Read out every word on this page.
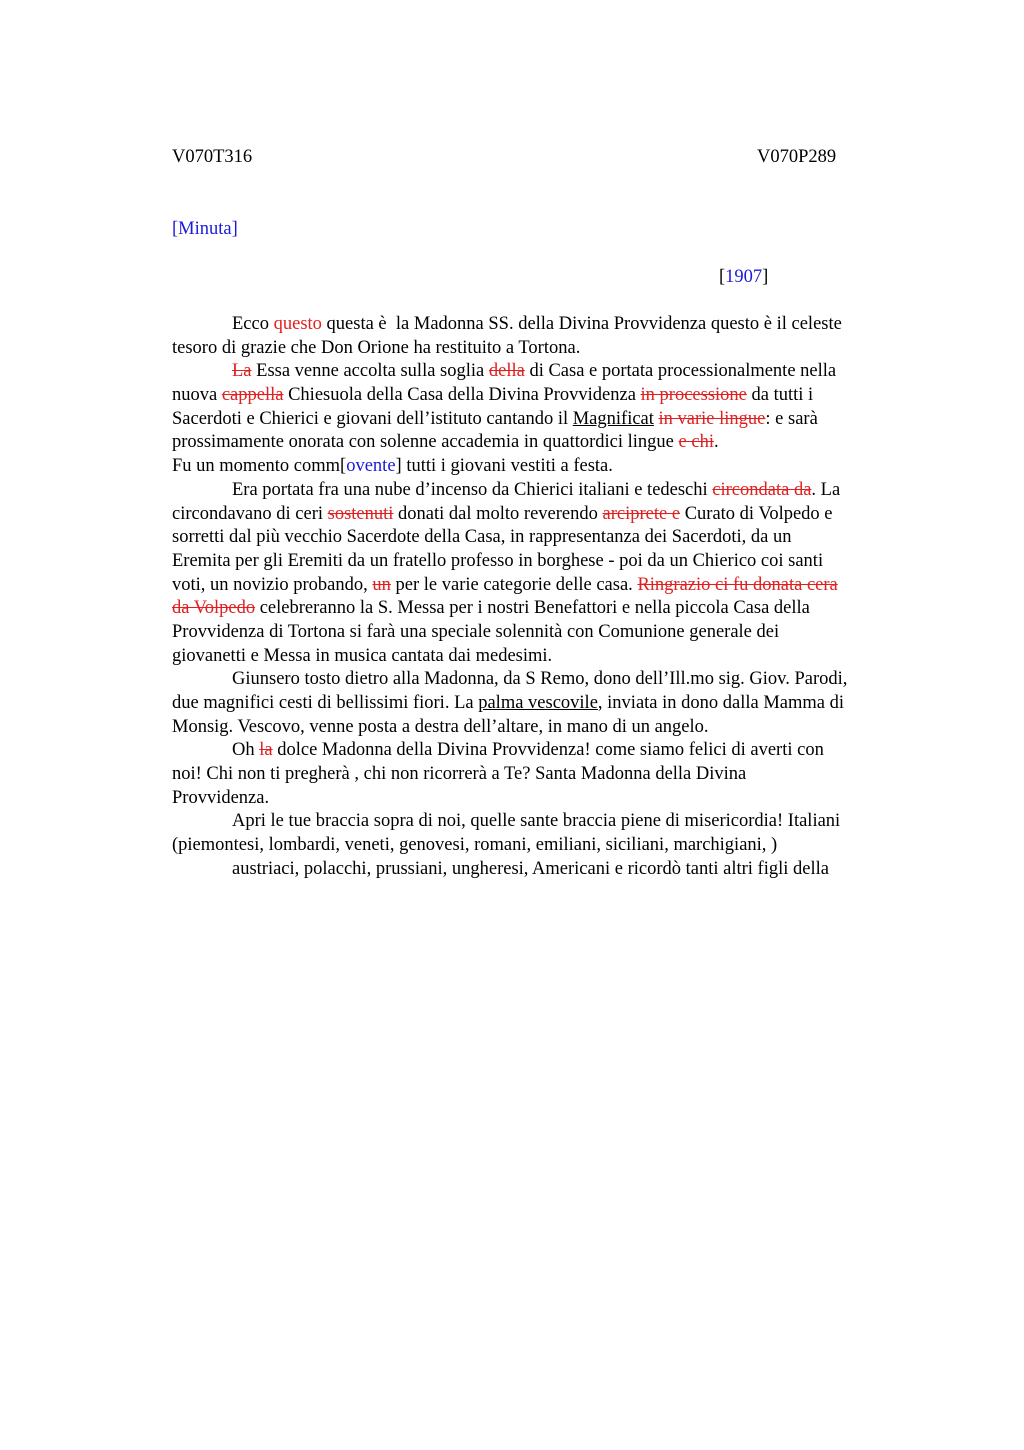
V070T316	V070P289
[Minuta]
[1907]
Ecco questo questa è  la Madonna SS. della Divina Provvidenza questo è il celeste
tesoro di grazie che Don Orione ha restituito a Tortona.
La Essa venne accolta sulla soglia della di Casa e portata processionalmente nella
nuova cappella Chiesuola della Casa della Divina Provvidenza in processione da tutti i
Sacerdoti e Chierici e giovani dell’istituto cantando il Magnificat in varie lingue: e sarà
prossimamente onorata con solenne accademia in quattordici lingue e chi.
Fu un momento comm[ovente] tutti i giovani vestiti a festa.
Era portata fra una nube d’incenso da Chierici italiani e tedeschi circondata da. La
circondavano di ceri sostenuti donati dal molto reverendo arciprete e Curato di Volpedo e
sorretti dal più vecchio Sacerdote della Casa, in rappresentanza dei Sacerdoti, da un
Eremita per gli Eremiti da un fratello professo in borghese - poi da un Chierico coi santi
voti, un novizio probando, un per le varie categorie delle casa. Ringrazio ci fu donata cera
da Volpedo celebreranno la S. Messa per i nostri Benefattori e nella piccola Casa della
Provvidenza di Tortona si farà una speciale solennità con Comunione generale dei
giovanetti e Messa in musica cantata dai medesimi.
Giunsero tosto dietro alla Madonna, da S Remo, dono dell’Ill.mo sig. Giov. Parodi,
due magnifici cesti di bellissimi fiori. La palma vescovile, inviata in dono dalla Mamma di
Monsig. Vescovo, venne posta a destra dell’altare, in mano di un angelo.
Oh la dolce Madonna della Divina Provvidenza! come siamo felici di averti con
noi! Chi non ti pregherà , chi non ricorrerà a Te? Santa Madonna della Divina
Provvidenza.
Apri le tue braccia sopra di noi, quelle sante braccia piene di misericordia! Italiani
(piemontesi, lombardi, veneti, genovesi, romani, emiliani, siciliani, marchigiani, )
austriaci, polacchi, prussiani, ungheresi, Americani e ricordò tanti altri figli della
